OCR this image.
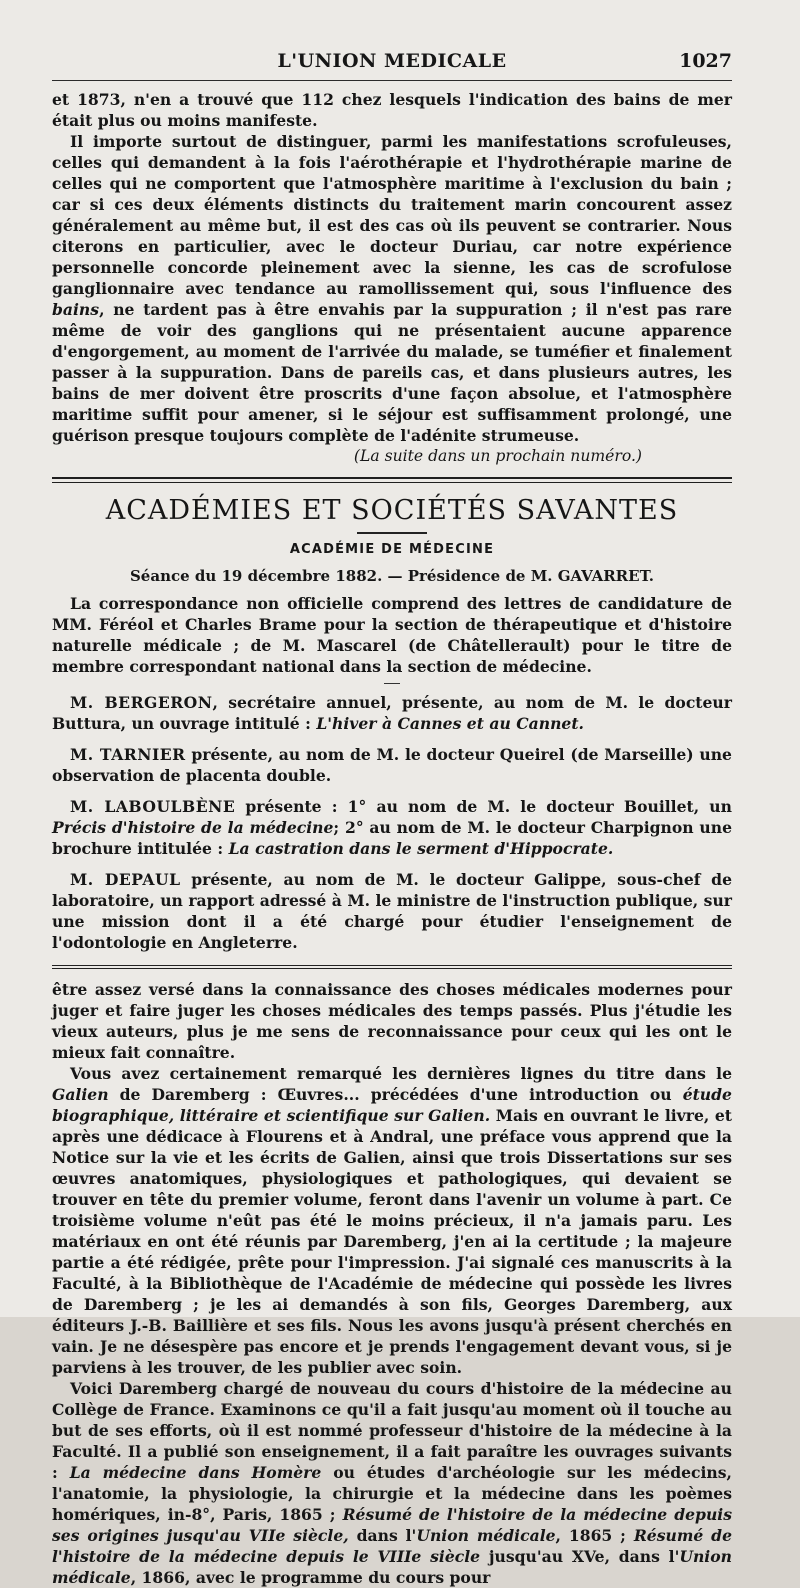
L'UNION MEDICALE	1027

et 1873, n'en a trouvé que 112 chez lesquels l'indication des bains de mer était plus ou moins manifeste.

Il importe surtout de distinguer, parmi les manifestations scrofuleuses, celles qui demandent à la fois l'aérothérapie et l'hydrothérapie marine de celles qui ne comportent que l'atmosphère maritime à l'exclusion du bain ; car si ces deux éléments distincts du traitement marin concourent assez généralement au même but, il est des cas où ils peuvent se contrarier. Nous citerons en particulier, avec le docteur Duriau, car notre expérience personnelle concorde pleinement avec la sienne, les cas de scrofulose ganglionnaire avec tendance au ramollissement qui, sous l'influence des bains, ne tardent pas à être envahis par la suppuration ; il n'est pas rare même de voir des ganglions qui ne présentaient aucune apparence d'engorgement, au moment de l'arrivée du malade, se tuméfier et finalement passer à la suppuration. Dans de pareils cas, et dans plusieurs autres, les bains de mer doivent être proscrits d'une façon absolue, et l'atmosphère maritime suffit pour amener, si le séjour est suffisamment prolongé, une guérison presque toujours complète de l'adénite strumeuse.

(La suite dans un prochain numéro.)

ACADÉMIES ET SOCIÉTÉS SAVANTES
ACADÉMIE DE MÉDECINE
Séance du 19 décembre 1882. — Présidence de M. GAVARRET.

La correspondance non officielle comprend des lettres de candidature de MM. Féréol et Charles Brame pour la section de thérapeutique et d'histoire naturelle médicale ; de M. Mascarel (de Châtellerault) pour le titre de membre correspondant national dans la section de médecine.

M. BERGERON, secrétaire annuel, présente, au nom de M. le docteur Buttura, un ouvrage intitulé : L'hiver à Cannes et au Cannet.

M. TARNIER présente, au nom de M. le docteur Queirel (de Marseille) une observation de placenta double.

M. LABOULBÈNE présente : 1° au nom de M. le docteur Bouillet, un Précis d'histoire de la médecine; 2° au nom de M. le docteur Charpignon une brochure intitulée : La castration dans le serment d'Hippocrate.

M. DEPAUL présente, au nom de M. le docteur Galippe, sous-chef de laboratoire, un rapport adressé à M. le ministre de l'instruction publique, sur une mission dont il a été chargé pour étudier l'enseignement de l'odontologie en Angleterre.

être assez versé dans la connaissance des choses médicales modernes pour juger et faire juger les choses médicales des temps passés. Plus j'étudie les vieux auteurs, plus je me sens de reconnaissance pour ceux qui les ont le mieux fait connaître.

Vous avez certainement remarqué les dernières lignes du titre dans le Galien de Daremberg : Œuvres... précédées d'une introduction ou étude biographique, littéraire et scientifique sur Galien. Mais en ouvrant le livre, et après une dédicace à Flourens et à Andral, une préface vous apprend que la Notice sur la vie et les écrits de Galien, ainsi que trois Dissertations sur ses œuvres anatomiques, physiologiques et pathologiques, qui devaient se trouver en tête du premier volume, feront dans l'avenir un volume à part. Ce troisième volume n'eût pas été le moins précieux, il n'a jamais paru. Les matériaux en ont été réunis par Daremberg, j'en ai la certitude ; la majeure partie a été rédigée, prête pour l'impression. J'ai signalé ces manuscrits à la Faculté, à la Bibliothèque de l'Académie de médecine qui possède les livres de Daremberg ; je les ai demandés à son fils, Georges Daremberg, aux éditeurs J.-B. Baillière et ses fils. Nous les avons jusqu'à présent cherchés en vain. Je ne désespère pas encore et je prends l'engagement devant vous, si je parviens à les trouver, de les publier avec soin.

Voici Daremberg chargé de nouveau du cours d'histoire de la médecine au Collège de France. Examinons ce qu'il a fait jusqu'au moment où il touche au but de ses efforts, où il est nommé professeur d'histoire de la médecine à la Faculté. Il a publié son enseignement, il a fait paraître les ouvrages suivants : La médecine dans Homère ou études d'archéologie sur les médecins, l'anatomie, la physiologie, la chirurgie et la médecine dans les poèmes homériques, in-8°, Paris, 1865 ; Résumé de l'histoire de la médecine depuis ses origines jusqu'au VIIe siècle, dans l'Union médicale, 1865 ; Résumé de l'histoire de la médecine depuis le VIIIe siècle jusqu'au XVe, dans l'Union médicale, 1866, avec le programme du cours pour
